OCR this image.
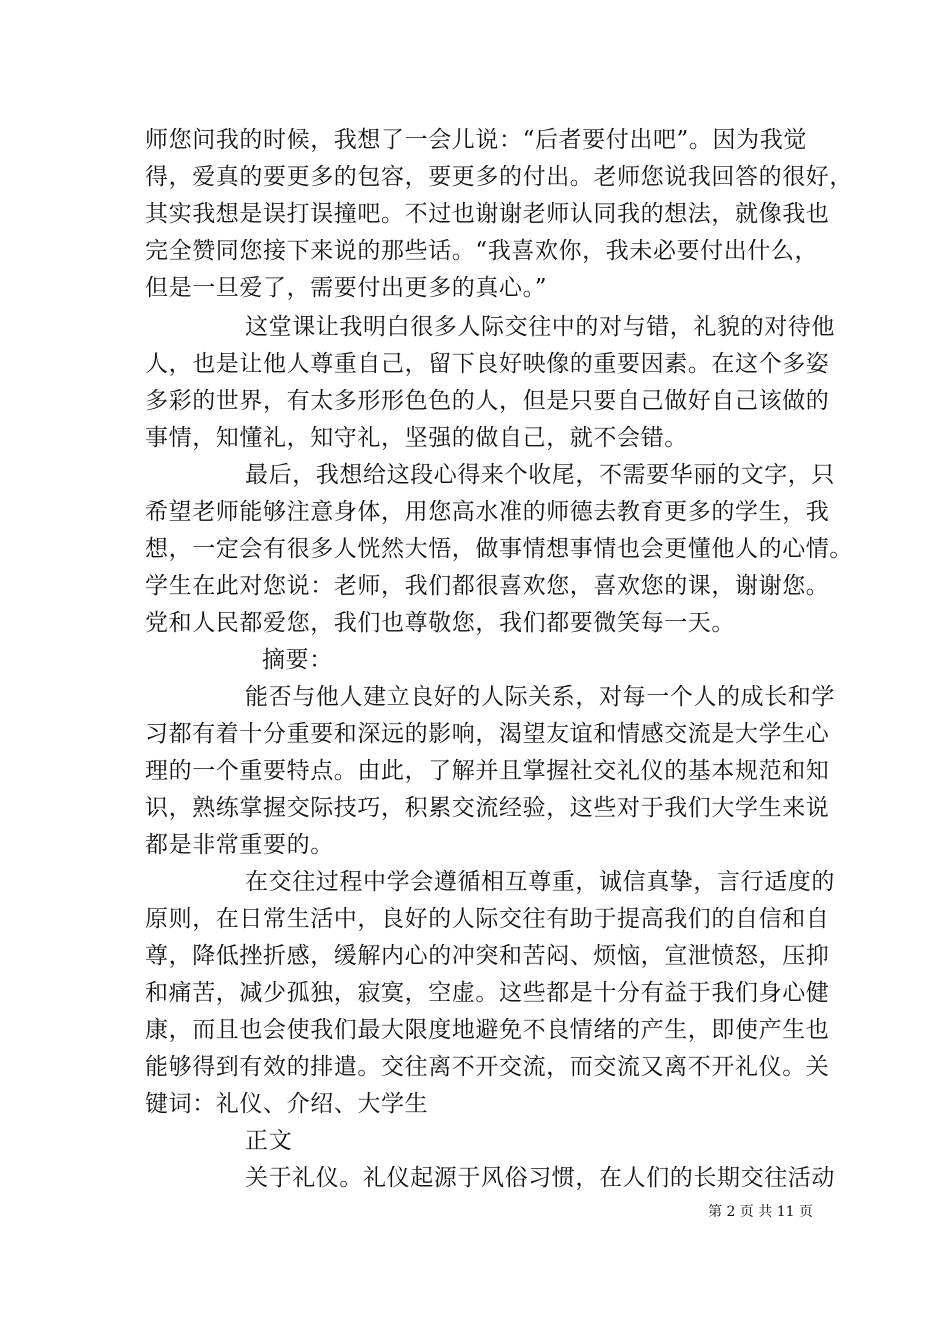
师您问我的时候，我想了一会儿说：“后者要付出吧”。因为我觉
得，爱真的要更多的包容，要更多的付出。老师您说我回答的很好，
其实我想是误打误撞吧。不过也谢谢老师认同我的想法，就像我也
完全赞同您接下来说的那些话。“我喜欢你，我未必要付出什么，
但是一旦爱了，需要付出更多的真心。”
这堂课让我明白很多人际交往中的对与错，礼貌的对待他
人，也是让他人尊重自己，留下良好映像的重要因素。在这个多姿
多彩的世界，有太多形形色色的人，但是只要自己做好自己该做的
事情，知懂礼，知守礼，坚强的做自己，就不会错。
最后，我想给这段心得来个收尾，不需要华丽的文字，只
希望老师能够注意身体，用您高水准的师德去教育更多的学生，我
想，一定会有很多人恍然大悟，做事情想事情也会更懂他人的心情。
学生在此对您说：老师，我们都很喜欢您，喜欢您的课，谢谢您。
党和人民都爱您，我们也尊敬您，我们都要微笑每一天。
摘要：
能否与他人建立良好的人际关系，对每一个人的成长和学
习都有着十分重要和深远的影响，渴望友谊和情感交流是大学生心
理的一个重要特点。由此，了解并且掌握社交礼仪的基本规范和知
识，熟练掌握交际技巧，积累交流经验，这些对于我们大学生来说
都是非常重要的。
在交往过程中学会遵循相互尊重，诚信真挚，言行适度的
原则，在日常生活中，良好的人际交往有助于提高我们的自信和自
尊，降低挫折感，缓解内心的冲突和苦闷、烦恼，宣泄愤怒，压抑
和痛苦，减少孤独，寂寞，空虚。这些都是十分有益于我们身心健
康，而且也会使我们最大限度地避免不良情绪的产生，即使产生也
能够得到有效的排遣。交往离不开交流，而交流又离不开礼仪。关
键词：礼仪、介绍、大学生
正文
关于礼仪。礼仪起源于风俗习惯，在人们的长期交往活动
第 2 页 共 11 页
